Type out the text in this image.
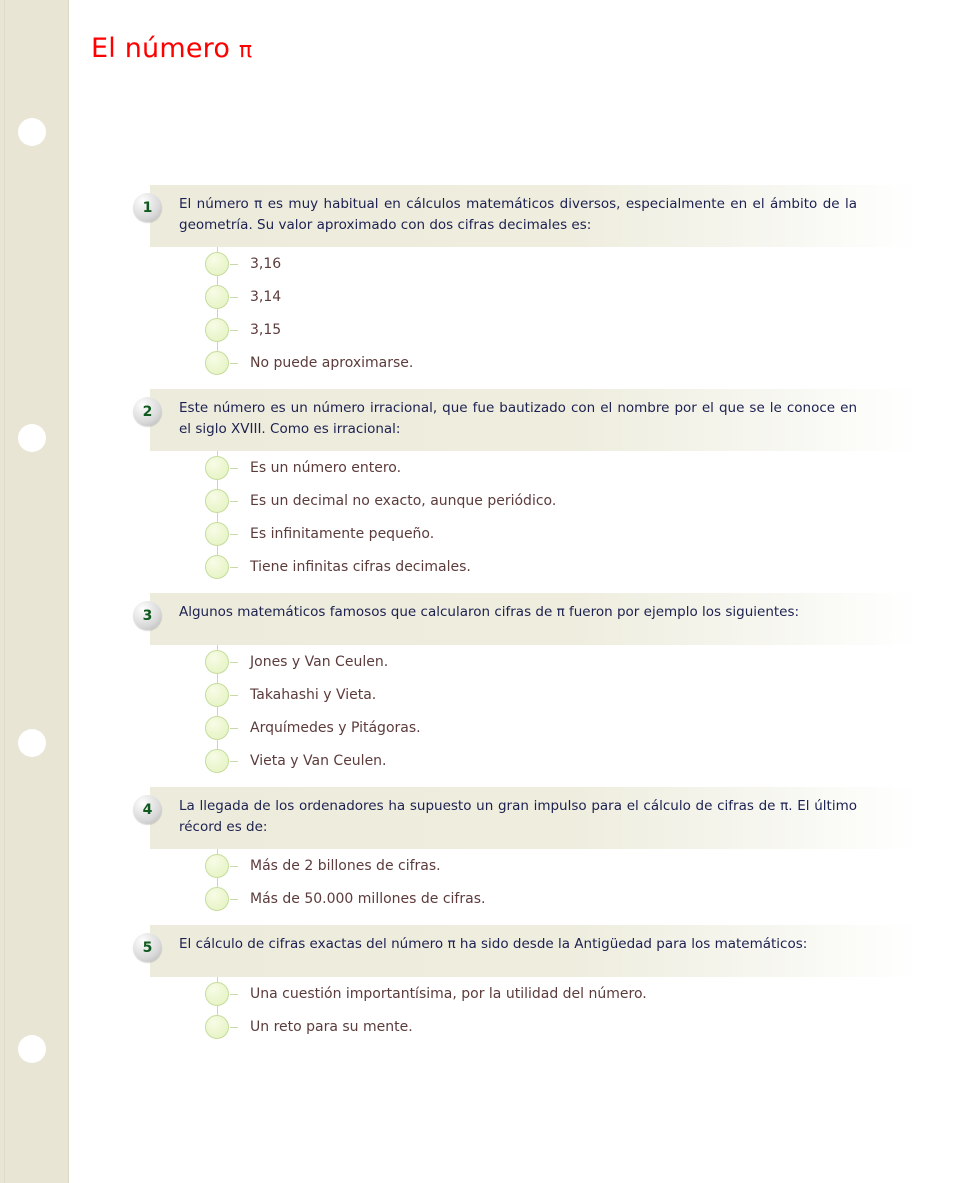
El número π
1	El número π es muy habitual en cálculos matemáticos diversos, especialmente en el ámbito de la geometría. Su valor aproximado con dos cifras decimales es:

3,16
3,14
3,15
No puede aproximarse.
2	Este número es un número irracional, que fue bautizado con el nombre por el que se le conoce en el siglo XVIII. Como es irracional:

Es un número entero.
Es un decimal no exacto, aunque periódico.
Es infinitamente pequeño.
Tiene infinitas cifras decimales.
3	Algunos matemáticos famosos que calcularon cifras de π fueron por ejemplo los siguientes:

Jones y Van Ceulen.
Takahashi y Vieta.
Arquímedes y Pitágoras.
Vieta y Van Ceulen.
4	La llegada de los ordenadores ha supuesto un gran impulso para el cálculo de cifras de π. El último récord es de:

Más de 2 billones de cifras.
Más de 50.000 millones de cifras.
5	El cálculo de cifras exactas del número π ha sido desde la Antigüedad para los matemáticos:

Una cuestión importantísima, por la utilidad del número.
Un reto para su mente.
